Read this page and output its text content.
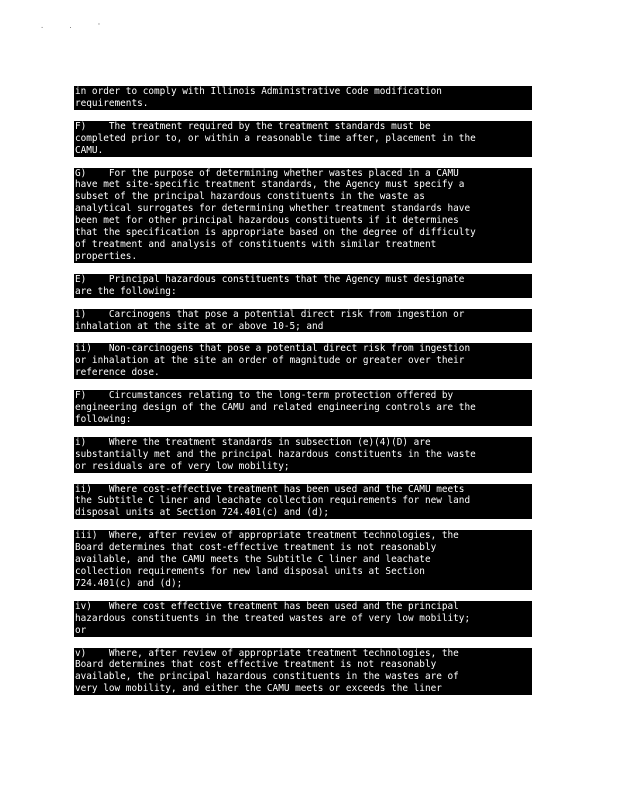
. . '
in order to comply with Illinois Administrative Code modification
requirements.
F)    The treatment required by the treatment standards must be
completed prior to, or within a reasonable time after, placement in the
CAMU.
G)    For the purpose of determining whether wastes placed in a CAMU
have met site-specific treatment standards, the Agency must specify a
subset of the principal hazardous constituents in the waste as
analytical surrogates for determining whether treatment standards have
been met for other principal hazardous constituents if it determines
that the specification is appropriate based on the degree of difficulty
of treatment and analysis of constituents with similar treatment
properties.
E)    Principal hazardous constituents that the Agency must designate
are the following:
i)    Carcinogens that pose a potential direct risk from ingestion or
inhalation at the site at or above 10-5; and
ii)   Non-carcinogens that pose a potential direct risk from ingestion
or inhalation at the site an order of magnitude or greater over their
reference dose.
F)    Circumstances relating to the long-term protection offered by
engineering design of the CAMU and related engineering controls are the
following:
i)    Where the treatment standards in subsection (e)(4)(D) are
substantially met and the principal hazardous constituents in the waste
or residuals are of very low mobility;
ii)   Where cost-effective treatment has been used and the CAMU meets
the Subtitle C liner and leachate collection requirements for new land
disposal units at Section 724.401(c) and (d);
iii)  Where, after review of appropriate treatment technologies, the
Board determines that cost-effective treatment is not reasonably
available, and the CAMU meets the Subtitle C liner and leachate
collection requirements for new land disposal units at Section
724.401(c) and (d);
iv)   Where cost effective treatment has been used and the principal
hazardous constituents in the treated wastes are of very low mobility;
or
v)    Where, after review of appropriate treatment technologies, the
Board determines that cost effective treatment is not reasonably
available, the principal hazardous constituents in the wastes are of
very low mobility, and either the CAMU meets or exceeds the liner
